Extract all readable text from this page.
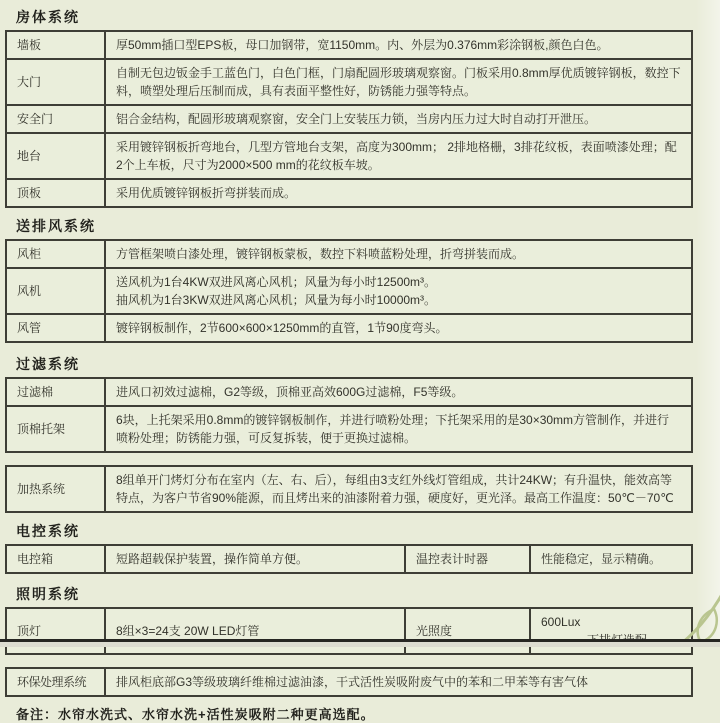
房体系统
墙板	厚50mm插口型EPS板，母口加钢带，宽1150mm。内、外层为0.376mm彩涂钢板,颜色白色。
大门	自制无包边钣金手工蓝色门，白色门框，门扇配圆形玻璃观察窗。门板采用0.8mm厚优质镀锌钢板，数控下料，喷塑处理后压制而成，具有表面平整性好，防锈能力强等特点。
安全门	铝合金结构，配圆形玻璃观察窗，安全门上安装压力锁，当房内压力过大时自动打开泄压。
地台	采用镀锌钢板折弯地台，几型方管地台支架，高度为300mm； 2排地格栅，3排花纹板，表面喷漆处理；配2个上车板，尺寸为2000×500 mm的花纹板车坡。
顶板	采用优质镀锌钢板折弯拼装而成。
送排风系统
风柜	方管框架喷白漆处理，镀锌钢板蒙板，数控下料喷蓝粉处理，折弯拼装而成。
风机	送风机为1台4KW双进风离心风机；风量为每小时12500m³。
抽风机为1台3KW双进风离心风机；风量为每小时10000m³。

风管	镀锌钢板制作，2节600×600×1250mm的直管，1节90度弯头。
过滤系统
过滤棉	进风口初效过滤棉，G2等级，顶棉亚高效600G过滤棉，F5等级。
顶棉托架	6块，上托架采用0.8mm的镀锌钢板制作，并进行喷粉处理；下托架采用的是30×30mm方管制作，并进行喷粉处理；防锈能力强，可反复拆装，便于更换过滤棉。
加热系统	8组单开门烤灯分布在室内（左、右、后），每组由3支红外线灯管组成，共计24KW；有升温快，能效高等特点，为客户节省90%能源，而且烤出来的油漆附着力强，硬度好，更光泽。最高工作温度：50℃－70℃
电控系统
电控箱	短路超载保护装置，操作简单方便。	温控表计时器	性能稳定，显示精确。
照明系统
顶灯	8组×3=24支 20W LED灯管	光照度	600Lux
环保处理系统	排风柜底部G3等级玻璃纤维棉过滤油漆，干式活性炭吸附废气中的苯和二甲苯等有害气体
备注：水帘水洗式、水帘水洗+活性炭吸附二种更高选配。
